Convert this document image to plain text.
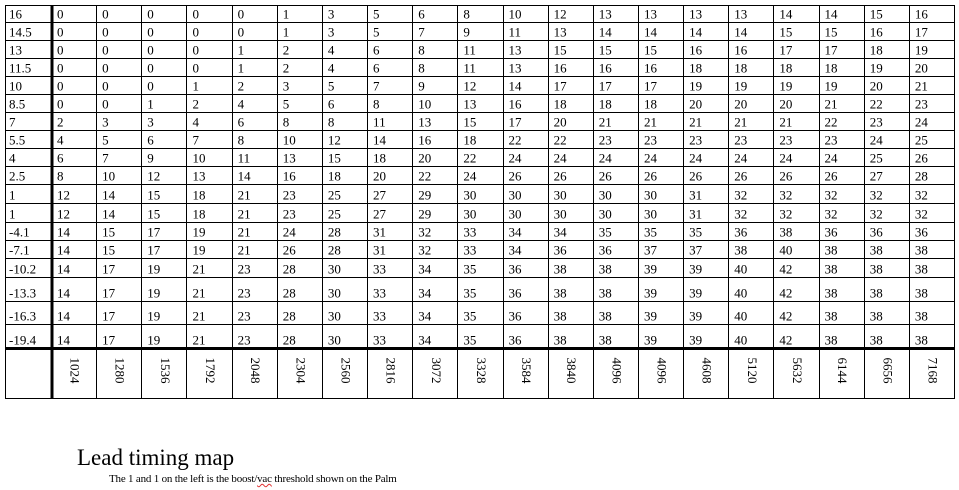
16	0	0	0	0	0	1	3	5	6	8	10 12 13 13 13 13 14 14 15 16
14.5 0	0	0	0	0	1	3	5	7	9	11	13 14 14 14 14 15 15 16 17
13	0	0	0	0	1	2	4	6	8	11	13 15 15 15 16 16 17 17 18 19
11.5 0	0	0	0	1	2	4	6	8	11	13 16 16 16 18 18 18 18 19 20
10	0	0	0	1	2	3	5	7	9	12 14 17 17 17 19 19 19 19 20 21
8.5 0	0	1	2	4	5	6	8	10 13 16 18 18 18 20 20 20 21 22 23
7	2	3	3	4	6	8	8	11	13 15 17 20 21 21 21 21 21 22 23 24
5.5 4	5	6	7	8	10 12 14 16 18 22 22 23 23 23 23 23 23 24 25
4	6	7	9	10 11	13 15 18 20 22 24 24 24 24 24 24 24 24 25 26
2.5 8	10 12 13 14 16 18 20 22 24 26 26 26 26 26 26 26 26 27 28
1	12 14 15 18 21 23 25 27 29 30 30 30 30 30 31 32 32 32 32 32
1	12 14 15 18 21 23 25 27 29 30 30 30 30 30 31 32 32 32 32 32
-4.1 14 15 17 19 21 24 28 31 32 33 34 34 35 35 35 36 38 36 36 36
-7.1 14 15 17 19 21 26 28 31 32 33 34 36 36 37 37 38 40 38 38 38
-10.2 14 17 19 21 23 28 30 33 34 35 36 38 38 39 39 40 42 38 38 38
-13.3 14 17 19 21 23 28 30 33 34 35 36 38 38 39 39 40 42 38 38 38
-16.3 14 17 19 21 23 28 30 33 34 35 36 38 38 39 39 40 42 38 38 38
-19.4 14 17 19 21 23 28 30 33 34 35 36 38 38 39 39 40 42 38 38 38
1024 1280 1536 1792 2048 2304 2560 2816 3072 3328 3584 3840 4096 4096 4608 5120 5632 6144 6656 7168
Lead timing map
The 1 and 1 on the left is the boost/vac threshold shown on the Palm
